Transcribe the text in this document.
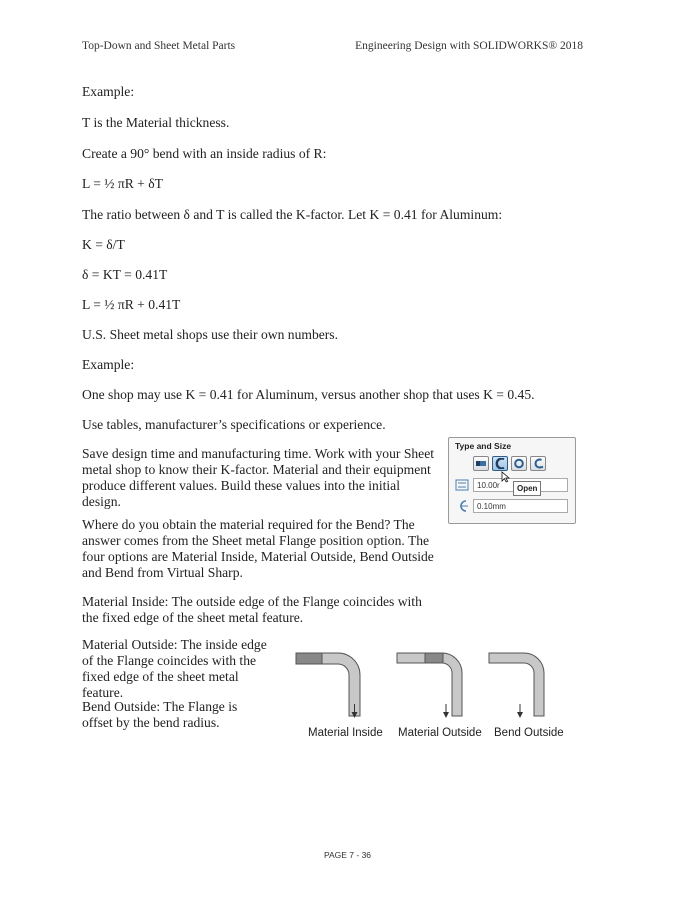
Top-Down and Sheet Metal Parts	Engineering Design with SOLIDWORKS® 2018

Example:

T is the Material thickness.

Create a 90° bend with an inside radius of R:

L = ½ πR + δT

The ratio between δ and T is called the K-factor. Let K = 0.41 for Aluminum:

K = δ/T

δ = KT = 0.41T

L = ½ πR + 0.41T

U.S. Sheet metal shops use their own numbers.

Example:

One shop may use K = 0.41 for Aluminum, versus another shop that uses K = 0.45.

Use tables, manufacturer’s specifications or experience.

Save design time and manufacturing time. Work with your Sheet metal shop to know their K-factor. Material and their equipment produce different values. Build these values into the initial design.

Where do you obtain the material required for the Bend? The answer comes from the Sheet metal Flange position option. The four options are Material Inside, Material Outside, Bend Outside and Bend from Virtual Sharp.

Material Inside: The outside edge of the Flange coincides with the fixed edge of the sheet metal feature.

Material Outside: The inside edge of the Flange coincides with the fixed edge of the sheet metal feature.

Bend Outside: The Flange is offset by the bend radius.

Type and Size
10.00r
0.10mm
Open
Material Inside Material Outside Bend Outside
PAGE 7 - 36
